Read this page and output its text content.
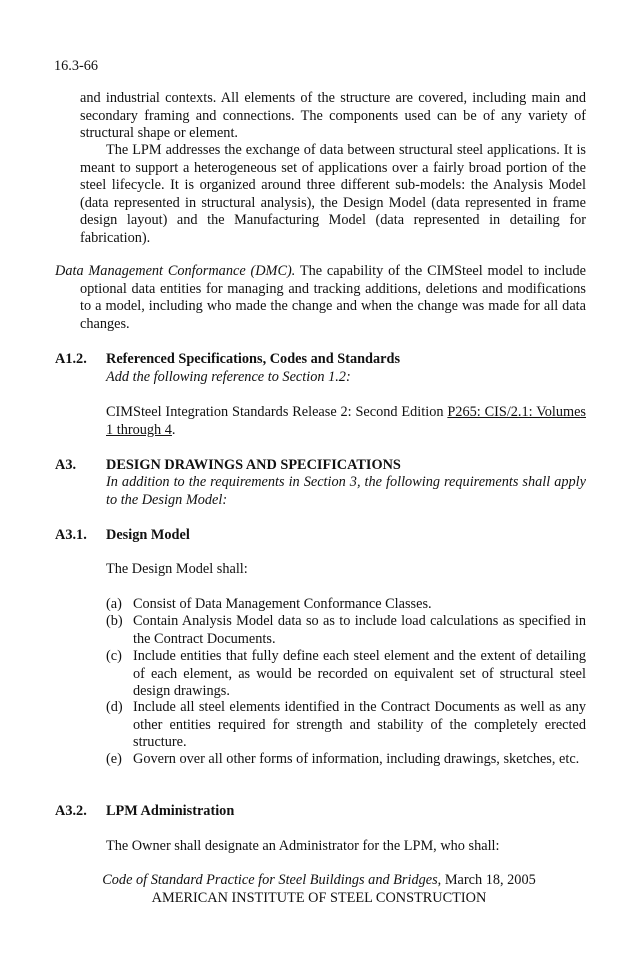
16.3-66

and industrial contexts. All elements of the structure are covered, including main and secondary framing and connections. The components used can be of any variety of structural shape or element.

The LPM addresses the exchange of data between structural steel applications. It is meant to support a heterogeneous set of applications over a fairly broad portion of the steel lifecycle. It is organized around three different sub-models: the Analysis Model (data represented in structural analysis), the Design Model (data represented in frame design layout) and the Manufacturing Model (data represented in detailing for fabrication).

Data Management Conformance (DMC). The capability of the CIMSteel model to include optional data entities for managing and tracking additions, deletions and modifications to a model, including who made the change and when the change was made for all data changes.

A1.2. Referenced Specifications, Codes and Standards
Add the following reference to Section 1.2:

CIMSteel Integration Standards Release 2: Second Edition P265: CIS/2.1: Volumes 1 through 4.

A3. DESIGN DRAWINGS AND SPECIFICATIONS

In addition to the requirements in Section 3, the following requirements shall apply to the Design Model:

A3.1. Design Model
The Design Model shall:
(a) Consist of Data Management Conformance Classes.

(b) Contain Analysis Model data so as to include load calculations as specified in the Contract Documents.

(c) Include entities that fully define each steel element and the extent of detailing of each element, as would be recorded on equivalent set of structural steel design drawings.

(d) Include all steel elements identified in the Contract Documents as well as any other entities required for strength and stability of the completely erected structure.

(e) Govern over all other forms of information, including drawings, sketches, etc.

A3.2. LPM Administration
The Owner shall designate an Administrator for the LPM, who shall:
Code of Standard Practice for Steel Buildings and Bridges, March 18, 2005
AMERICAN INSTITUTE OF STEEL CONSTRUCTION
